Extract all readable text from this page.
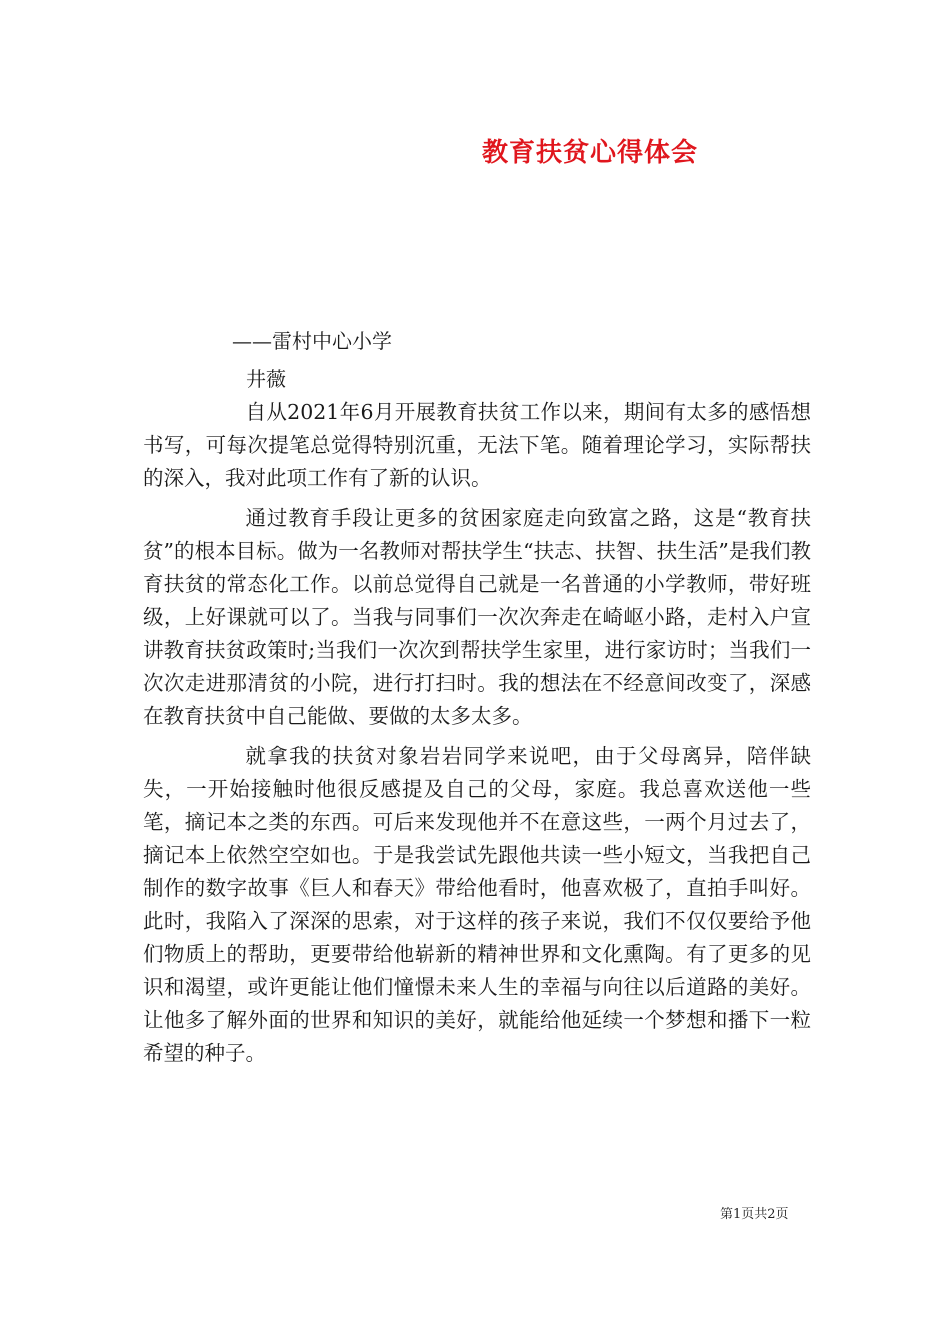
教育扶贫心得体会
——雷村中心小学
井薇

自从2021年6月开展教育扶贫工作以来，期间有太多的感悟想书写，可每次提笔总觉得特别沉重，无法下笔。随着理论学习，实际帮扶的深入，我对此项工作有了新的认识。

通过教育手段让更多的贫困家庭走向致富之路，这是“教育扶贫”的根本目标。做为一名教师对帮扶学生“扶志、扶智、扶生活”是我们教育扶贫的常态化工作。以前总觉得自己就是一名普通的小学教师，带好班级，上好课就可以了。当我与同事们一次次奔走在崎岖小路，走村入户宣讲教育扶贫政策时;当我们一次次到帮扶学生家里，进行家访时；当我们一次次走进那清贫的小院，进行打扫时。我的想法在不经意间改变了，深感在教育扶贫中自己能做、要做的太多太多。

就拿我的扶贫对象岩岩同学来说吧，由于父母离异，陪伴缺失，一开始接触时他很反感提及自己的父母，家庭。我总喜欢送他一些笔，摘记本之类的东西。可后来发现他并不在意这些，一两个月过去了，摘记本上依然空空如也。于是我尝试先跟他共读一些小短文，当我把自己制作的数字故事《巨人和春天》带给他看时，他喜欢极了，直拍手叫好。此时，我陷入了深深的思索，对于这样的孩子来说，我们不仅仅要给予他们物质上的帮助，更要带给他崭新的精神世界和文化熏陶。有了更多的见识和渴望，或许更能让他们憧憬未来人生的幸福与向往以后道路的美好。让他多了解外面的世界和知识的美好，就能给他延续一个梦想和播下一粒希望的种子。

第1页共2页
